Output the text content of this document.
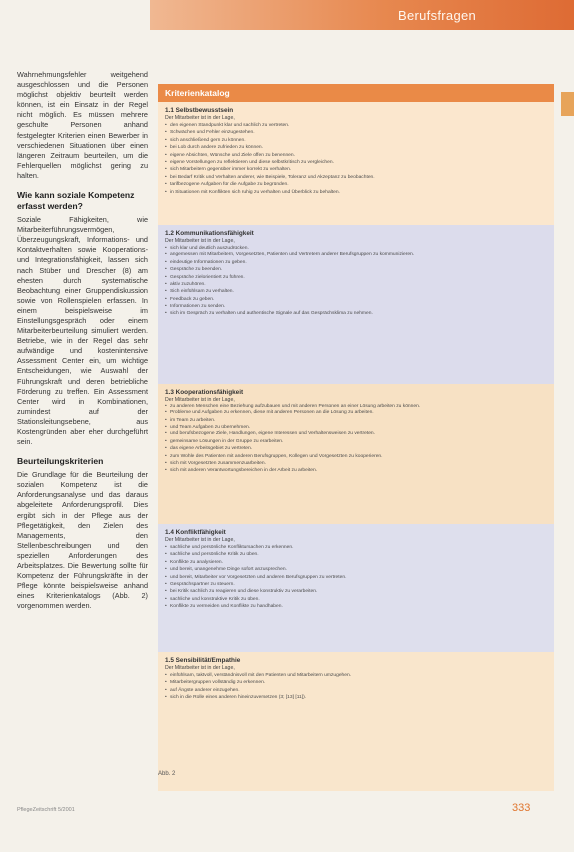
Berufsfragen

Wahrnehmungsfehler weitgehend ausgeschlossen und die Personen möglichst objektiv beurteilt werden können, ist ein Einsatz in der Regel nicht möglich. Es müssen mehrere geschulte Personen anhand festgelegter Kriterien einen Bewerber in verschiedenen Situationen über einen längeren Zeitraum beurteilen, um die Fehlerquellen möglichst gering zu halten.

Wie kann soziale Kompetenz erfasst werden?

Soziale Fähigkeiten, wie Mitarbeiterführungsvermögen, Überzeugungskraft, Informations- und Kontaktverhalten sowie Kooperations- und Integrationsfähigkeit, lassen sich nach Stüber und Drescher (8) am ehesten durch systematische Beobachtung einer Gruppendiskussion sowie von Rollenspielen erfassen. In einem beispielsweise im Einstellungsgespräch oder einem Mitarbeiterbeurteilung simuliert werden. Betriebe, wie in der Regel das sehr aufwändige und kostenintensive Assessment Center ein, um wichtige Entscheidungen, wie Auswahl der Führungskraft und deren betriebliche Förderung zu treffen. Ein Assessment Center wird in Kombinationen, zumindest auf der Stationsleitungsebene, aus Kostengründen aber eher durchgeführt sein.

Beurteilungskriterien

Die Grundlage für die Beurteilung der sozialen Kompetenz ist die Anforderungsanalyse und das daraus abgeleitete Anforderungsprofil. Dies ergibt sich in der Pflege aus der Pflegetätigkeit, den Zielen des Managements, den Stellenbeschreibungen und den speziellen Anforderungen des Arbeitsplatzes. Die Bewertung sollte für Kompetenz der Führungskräfte in der Pflege könnte beispielsweise anhand eines Kriterienkatalogs (Abb. 2) vorgenommen werden.

Kriterienkatalog
1.1 Selbstbewusstsein
Der Mitarbeiter ist in der Lage,
• den eigenen Standpunkt klar und sachlich zu vertreten.
• Schwächen und Fehler einzugestehen.
• sich anschließend gern zu können.
• bei Lob durch andere zufrieden zu können.
• eigene Absichten, Wünsche und Ziele offen zu benennen.
• eigene Vorstellungen zu reflektieren und diese selbstkritisch zu vergleichen.
• sich Mitarbeitern gegenüber immer korrekt zu verhalten.
• bei Bedarf Kritik und Verhalten anderer, wie Beispiele, Toleranz und Akzeptanz zu beobachten.
• tarifbezogene Aufgaben für die Aufgabe zu begründen.
• in Situationen mit Konflikten sich ruhig zu verhalten und Überblick zu behalten.
1.2 Kommunikationsfähigkeit
Der Mitarbeiter ist in der Lage,
• sich klar und deutlich auszudrücken.
• angemessen mit Mitarbeitern, Vorgesetzten, Patienten und Vertretern anderer Berufsgruppen zu kommunizieren.
• eindeutige Informationen zu geben.
• Gespräche zu beenden.
• Gespräche zielorientiert zu führen.
• aktiv zuzuhören.
• Sich einfühlsam zu verhalten.
• Feedback zu geben.
• Informationen zu senden.
• sich im Gespräch zu verhalten und authentische Signale auf das Gesprächsklima zu nehmen.
1.3 Kooperationsfähigkeit
Der Mitarbeiter ist in der Lage,
• zu anderen Menschen eine Beziehung aufzubauen und mit anderen Personen an einer Lösung arbeiten zu können.
• Probleme und Aufgaben zu erkennen, diese mit anderen Personen an die Lösung zu arbeiten.
• im Team zu arbeiten.
• und Team Aufgaben zu übernehmen.
• und berufsbezogene Ziele, Handlungen, eigene Interessen und Verhaltensweisen zu vertreten.
• gemeinsame Lösungen in der Gruppe zu erarbeiten.
• das eigene Arbeitsgebiet zu vertreten.
• zum Wohle des Patienten mit anderen Berufsgruppen, Kollegen und Vorgesetzten zu kooperieren.
• sich mit Vorgesetzten zusammenzuarbeiten.
• sich mit anderen Verantwortungsbereichen in der Arbeit zu arbeiten.
1.4 Konfliktfähigkeit
Der Mitarbeiter ist in der Lage,
• sachliche und persönliche Konfliktursachen zu erkennen.
• sachliche und persönliche Kritik zu üben.
• Konflikte zu analysieren.
• und bereit, unangenehme Dinge sofort anzusprechen.
• und bereit, Mitarbeiter vor Vorgesetzten und anderen Berufsgruppen zu vertreten.
• Gesprächspartner zu steuern.
• bei Kritik sachlich zu reagieren und diese konstruktiv zu verarbeiten.
• sachliche und konstruktive Kritik zu üben.
• Konflikte zu vermeiden und Konflikte zu handhaben.
1.5 Sensibilität/Empathie
Der Mitarbeiter ist in der Lage,
• einfühlsam, taktvoll, verständnisvoll mit den Patienten und Mitarbeitern umzugehen.
• Mitarbeitergruppen vollständig zu erkennen.
• auf Ängste anderer einzugehen.
• sich in die Rolle eines anderen hineinzuversetzen (3; [13] [11]).
Abb. 2
PflegeZeitschrift 5/2001	333
